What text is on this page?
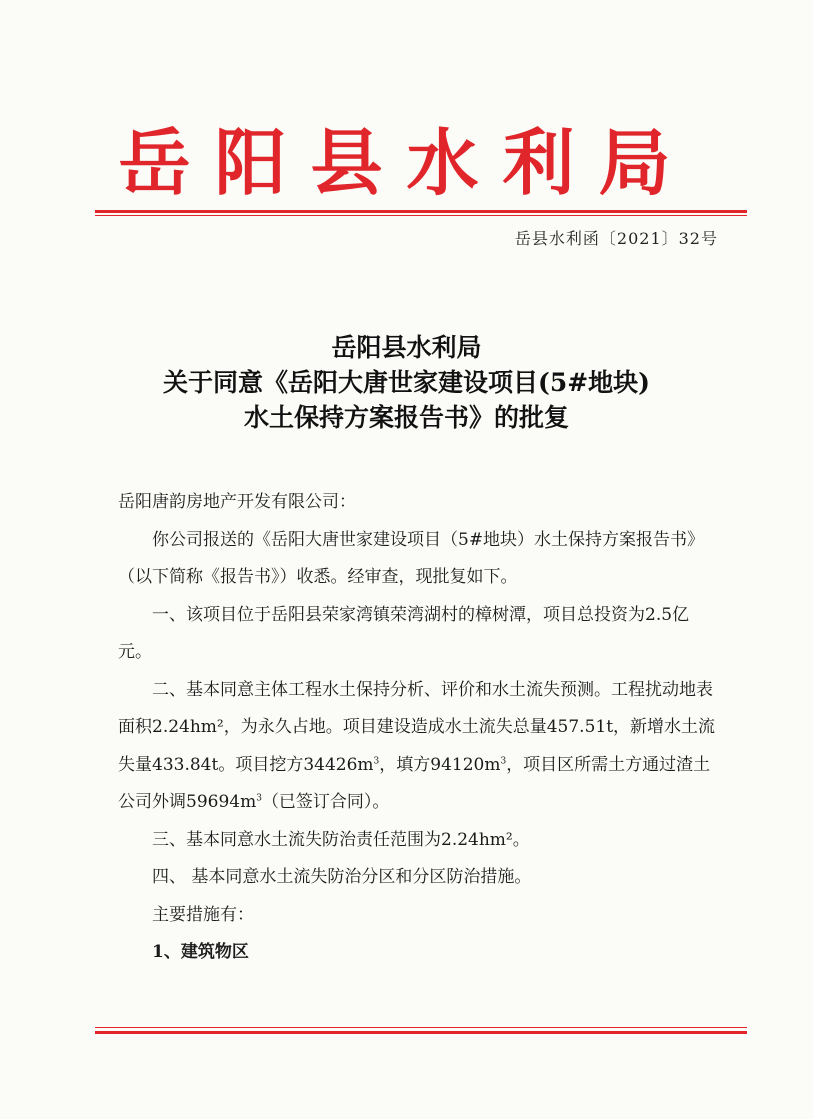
岳阳县水利局
岳县水利函〔2021〕32号
岳阳县水利局
关于同意《岳阳大唐世家建设项目(5#地块)
水土保持方案报告书》的批复
岳阳唐韵房地产开发有限公司：
你公司报送的《岳阳大唐世家建设项目（5#地块）水土保持方案报告书》（以下简称《报告书》）收悉。经审查，现批复如下。
一、该项目位于岳阳县荣家湾镇荣湾湖村的樟树潭，项目总投资为2.5亿元。
二、基本同意主体工程水土保持分析、评价和水土流失预测。工程扰动地表面积2.24hm²，为永久占地。项目建设造成水土流失总量457.51t，新增水土流失量433.84t。项目挖方$34426m^3$，填方$94120m^3$，项目区所需土方通过渣土公司外调$59694m^3$（已签订合同）。
三、基本同意水土流失防治责任范围为2.24hm²。
四、 基本同意水土流失防治分区和分区防治措施。
主要措施有：
1、建筑物区
